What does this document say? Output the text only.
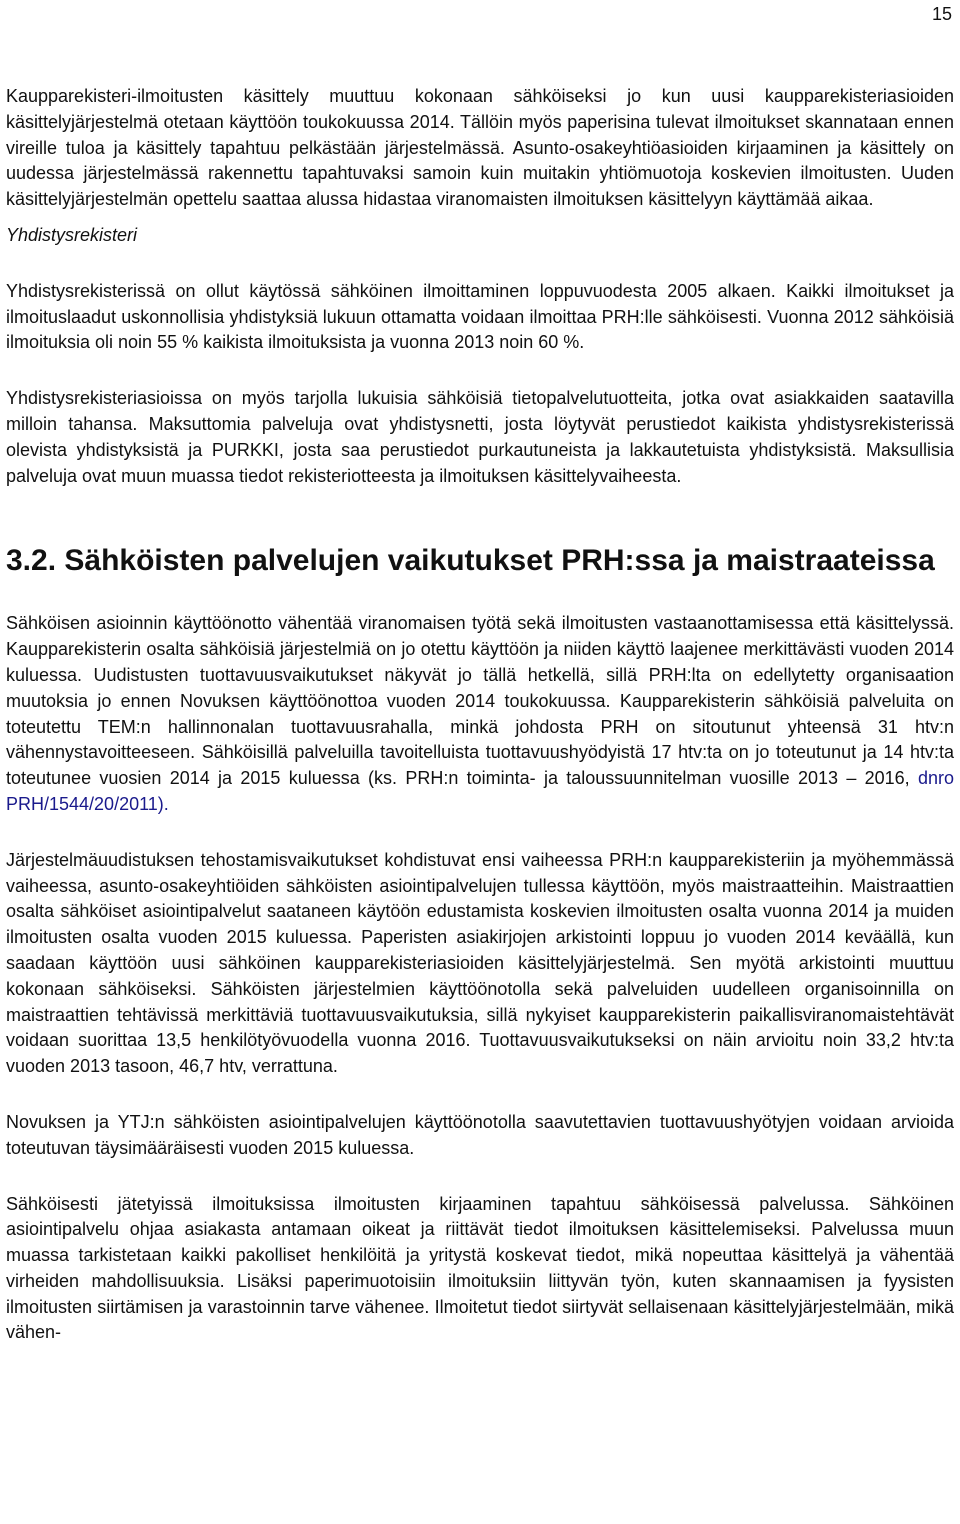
15

Kaupparekisteri-ilmoitusten käsittely muuttuu kokonaan sähköiseksi jo kun uusi kaupparekisteriasioiden käsittelyjärjestelmä otetaan käyttöön toukokuussa 2014. Tällöin myös paperisina tulevat ilmoitukset skannataan ennen vireille tuloa ja käsittely tapahtuu pelkästään järjestelmässä. Asunto-osakeyhtiöasioiden kirjaaminen ja käsittely on uudessa järjestelmässä rakennettu tapahtuvaksi samoin kuin muitakin yhtiömuotoja koskevien ilmoitusten. Uuden käsittelyjärjestelmän opettelu saattaa alussa hidastaa viranomaisten ilmoituksen käsittelyyn käyttämää aikaa.

Yhdistysrekisteri

Yhdistysrekisterissä on ollut käytössä sähköinen ilmoittaminen loppuvuodesta 2005 alkaen. Kaikki ilmoitukset ja ilmoituslaadut uskonnollisia yhdistyksiä lukuun ottamatta voidaan ilmoittaa PRH:lle sähköisesti. Vuonna 2012 sähköisiä ilmoituksia oli noin 55 % kaikista ilmoituksista ja vuonna 2013 noin 60 %.

Yhdistysrekisteriasioissa on myös tarjolla lukuisia sähköisiä tietopalvelutuotteita, jotka ovat asiakkaiden saatavilla milloin tahansa. Maksuttomia palveluja ovat yhdistysnetti, josta löytyvät perustiedot kaikista yhdistysrekisterissä olevista yhdistyksistä ja PURKKI, josta saa perustiedot purkautuneista ja lakkautetuista yhdistyksistä. Maksullisia palveluja ovat muun muassa tiedot rekisteriotteesta ja ilmoituksen käsittelyvaiheesta.

3.2. Sähköisten palvelujen vaikutukset PRH:ssa ja maistraateissa

Sähköisen asioinnin käyttöönotto vähentää viranomaisen työtä sekä ilmoitusten vastaanottamisessa että käsittelyssä. Kaupparekisterin osalta sähköisiä järjestelmiä on jo otettu käyttöön ja niiden käyttö laajenee merkittävästi vuoden 2014 kuluessa. Uudistusten tuottavuusvaikutukset näkyvät jo tällä hetkellä, sillä PRH:lta on edellytetty organisaation muutoksia jo ennen Novuksen käyttöönottoa vuoden 2014 toukokuussa. Kaupparekisterin sähköisiä palveluita on toteutettu TEM:n hallinnonalan tuottavuusrahalla, minkä johdosta PRH on sitoutunut yhteensä 31 htv:n vähennystavoitteeseen. Sähköisillä palveluilla tavoitelluista tuottavuushyödyistä 17 htv:ta on jo toteutunut ja 14 htv:ta toteutunee vuosien 2014 ja 2015 kuluessa (ks. PRH:n toiminta- ja taloussuunnitelman vuosille 2013 – 2016, dnro PRH/1544/20/2011).

Järjestelmäuudistuksen tehostamisvaikutukset kohdistuvat ensi vaiheessa PRH:n kaupparekisteriin ja myöhemmässä vaiheessa, asunto-osakeyhtiöiden sähköisten asiointipalvelujen tullessa käyttöön, myös maistraatteihin. Maistraattien osalta sähköiset asiointipalvelut saataneen käytöön edustamista koskevien ilmoitusten osalta vuonna 2014 ja muiden ilmoitusten osalta vuoden 2015 kuluessa. Paperisten asiakirjojen arkistointi loppuu jo vuoden 2014 keväällä, kun saadaan käyttöön uusi sähköinen kaupparekisteriasioiden käsittelyjärjestelmä. Sen myötä arkistointi muuttuu kokonaan sähköiseksi. Sähköisten järjestelmien käyttöönotolla sekä palveluiden uudelleen organisoinnilla on maistraattien tehtävissä merkittäviä tuottavuusvaikutuksia, sillä nykyiset kaupparekisterin paikallisviranomaistehtävät voidaan suorittaa 13,5 henkilötyövuodella vuonna 2016. Tuottavuusvaikutukseksi on näin arvioitu noin 33,2 htv:ta vuoden 2013 tasoon, 46,7 htv, verrattuna.

Novuksen ja YTJ:n sähköisten asiointipalvelujen käyttöönotolla saavutettavien tuottavuushyötyjen voidaan arvioida toteutuvan täysimääräisesti vuoden 2015 kuluessa.

Sähköisesti jätetyissä ilmoituksissa ilmoitusten kirjaaminen tapahtuu sähköisessä palvelussa. Sähköinen asiointipalvelu ohjaa asiakasta antamaan oikeat ja riittävät tiedot ilmoituksen käsittelemiseksi. Palvelussa muun muassa tarkistetaan kaikki pakolliset henkilöitä ja yritystä koskevat tiedot, mikä nopeuttaa käsittelyä ja vähentää virheiden mahdollisuuksia. Lisäksi paperimuotoisiin ilmoituksiin liittyvän työn, kuten skannaamisen ja fyysisten ilmoitusten siirtämisen ja varastoinnin tarve vähenee. Ilmoitetut tiedot siirtyvät sellaisenaan käsittelyjärjestelmään, mikä vähen-
